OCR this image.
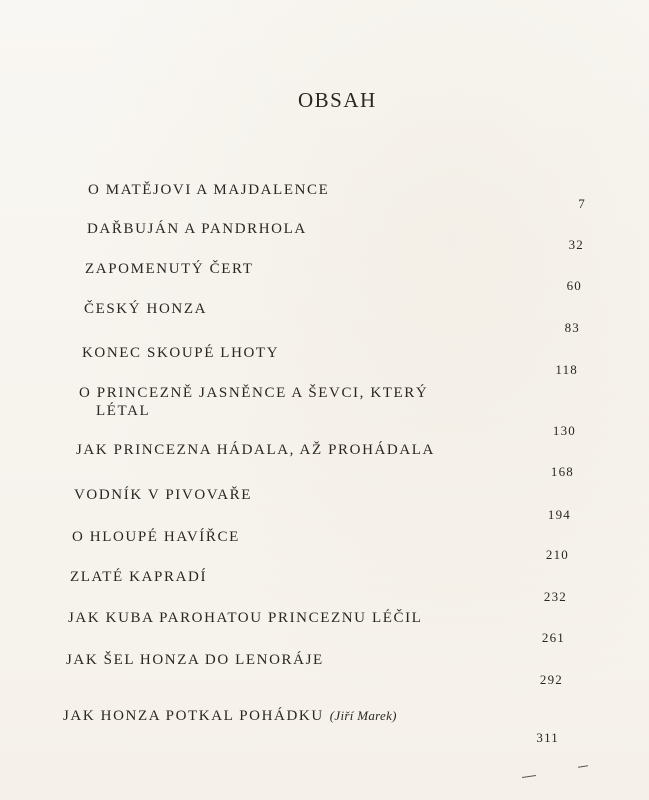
OBSAH
O MATĚJOVI A MAJDALENCE
7
DAŘBUJÁN A PANDRHOLA
32
ZAPOMENUTÝ ČERT
60
ČESKÝ HONZA
83
KONEC SKOUPÉ LHOTY
118
O PRINCEZNĚ JASNĚNCE A ŠEVCI, KTERÝ
LÉTAL
130
JAK PRINCEZNA HÁDALA, AŽ PROHÁDALA
168
VODNÍK V PIVOVAŘE
194
O HLOUPÉ HAVÍŘCE
210
ZLATÉ KAPRADÍ
232
JAK KUBA PAROHATOU PRINCEZNU LÉČIL
261
JAK ŠEL HONZA DO LENORÁJE
292
JAK HONZA POTKAL POHÁDKU (Jiří Marek)
311
